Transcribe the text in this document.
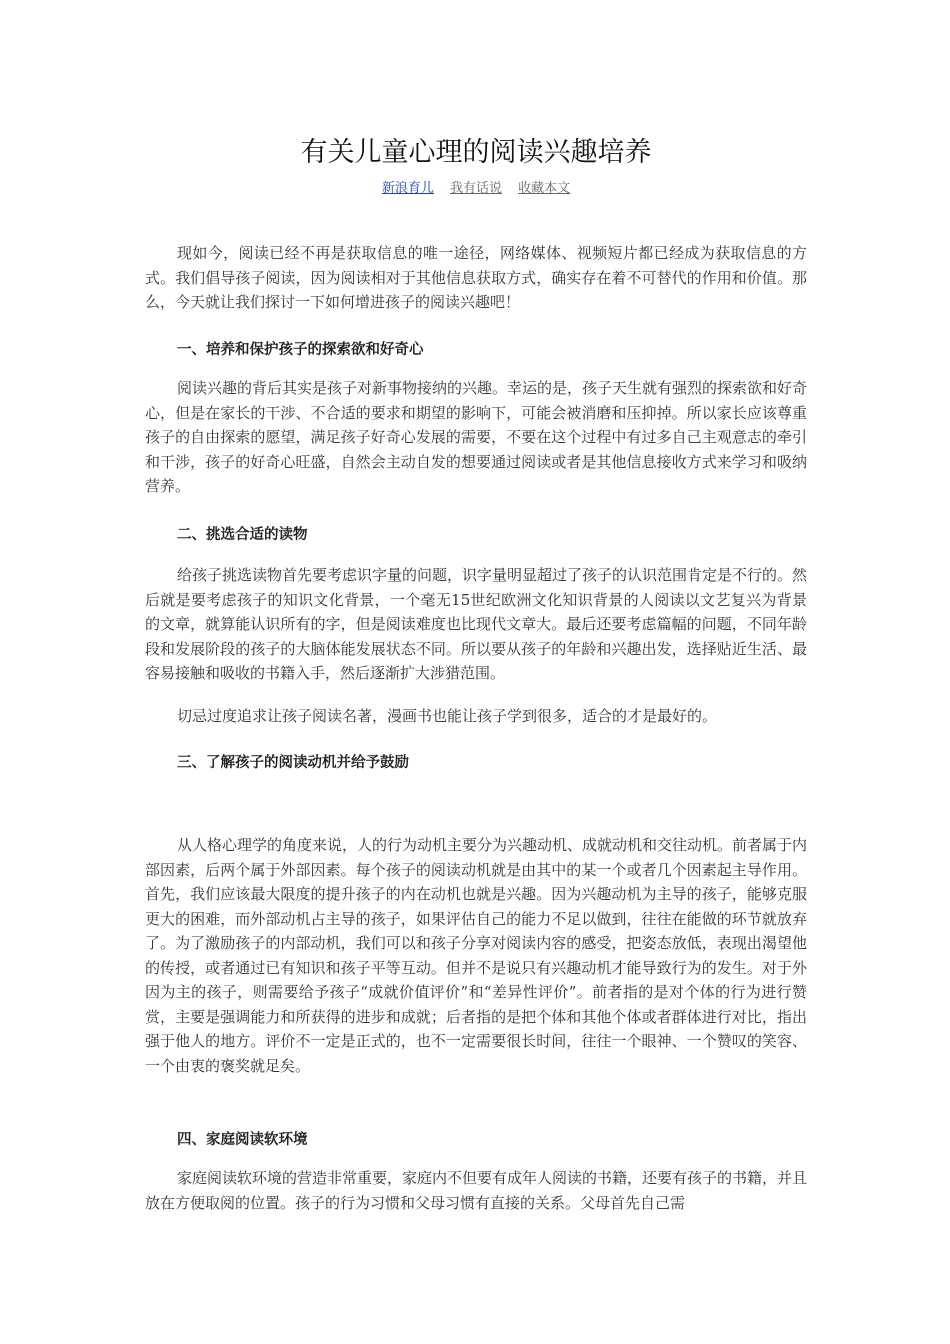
有关儿童心理的阅读兴趣培养
新浪育儿 我有话说 收藏本文

现如今，阅读已经不再是获取信息的唯一途径，网络媒体、视频短片都已经成为获取信息的方式。我们倡导孩子阅读，因为阅读相对于其他信息获取方式，确实存在着不可替代的作用和价值。那么，今天就让我们探讨一下如何增进孩子的阅读兴趣吧！

一、培养和保护孩子的探索欲和好奇心

阅读兴趣的背后其实是孩子对新事物接纳的兴趣。幸运的是，孩子天生就有强烈的探索欲和好奇心，但是在家长的干涉、不合适的要求和期望的影响下，可能会被消磨和压抑掉。所以家长应该尊重孩子的自由探索的愿望，满足孩子好奇心发展的需要，不要在这个过程中有过多自己主观意志的牵引和干涉，孩子的好奇心旺盛，自然会主动自发的想要通过阅读或者是其他信息接收方式来学习和吸纳营养。

二、挑选合适的读物

给孩子挑选读物首先要考虑识字量的问题，识字量明显超过了孩子的认识范围肯定是不行的。然后就是要考虑孩子的知识文化背景，一个毫无15世纪欧洲文化知识背景的人阅读以文艺复兴为背景的文章，就算能认识所有的字，但是阅读难度也比现代文章大。最后还要考虑篇幅的问题，不同年龄段和发展阶段的孩子的大脑体能发展状态不同。所以要从孩子的年龄和兴趣出发，选择贴近生活、最容易接触和吸收的书籍入手，然后逐渐扩大涉猎范围。

切忌过度追求让孩子阅读名著，漫画书也能让孩子学到很多，适合的才是最好的。

三、了解孩子的阅读动机并给予鼓励

从人格心理学的角度来说，人的行为动机主要分为兴趣动机、成就动机和交往动机。前者属于内部因素，后两个属于外部因素。每个孩子的阅读动机就是由其中的某一个或者几个因素起主导作用。首先，我们应该最大限度的提升孩子的内在动机也就是兴趣。因为兴趣动机为主导的孩子，能够克服更大的困难，而外部动机占主导的孩子，如果评估自己的能力不足以做到，往往在能做的环节就放弃了。为了激励孩子的内部动机，我们可以和孩子分享对阅读内容的感受，把姿态放低，表现出渴望他的传授，或者通过已有知识和孩子平等互动。但并不是说只有兴趣动机才能导致行为的发生。对于外因为主的孩子，则需要给予孩子“成就价值评价”和“差异性评价”。前者指的是对个体的行为进行赞赏，主要是强调能力和所获得的进步和成就；后者指的是把个体和其他个体或者群体进行对比，指出强于他人的地方。评价不一定是正式的，也不一定需要很长时间，往往一个眼神、一个赞叹的笑容、一个由衷的褒奖就足矣。

四、家庭阅读软环境

家庭阅读软环境的营造非常重要，家庭内不但要有成年人阅读的书籍，还要有孩子的书籍，并且放在方便取阅的位置。孩子的行为习惯和父母习惯有直接的关系。父母首先自己需
